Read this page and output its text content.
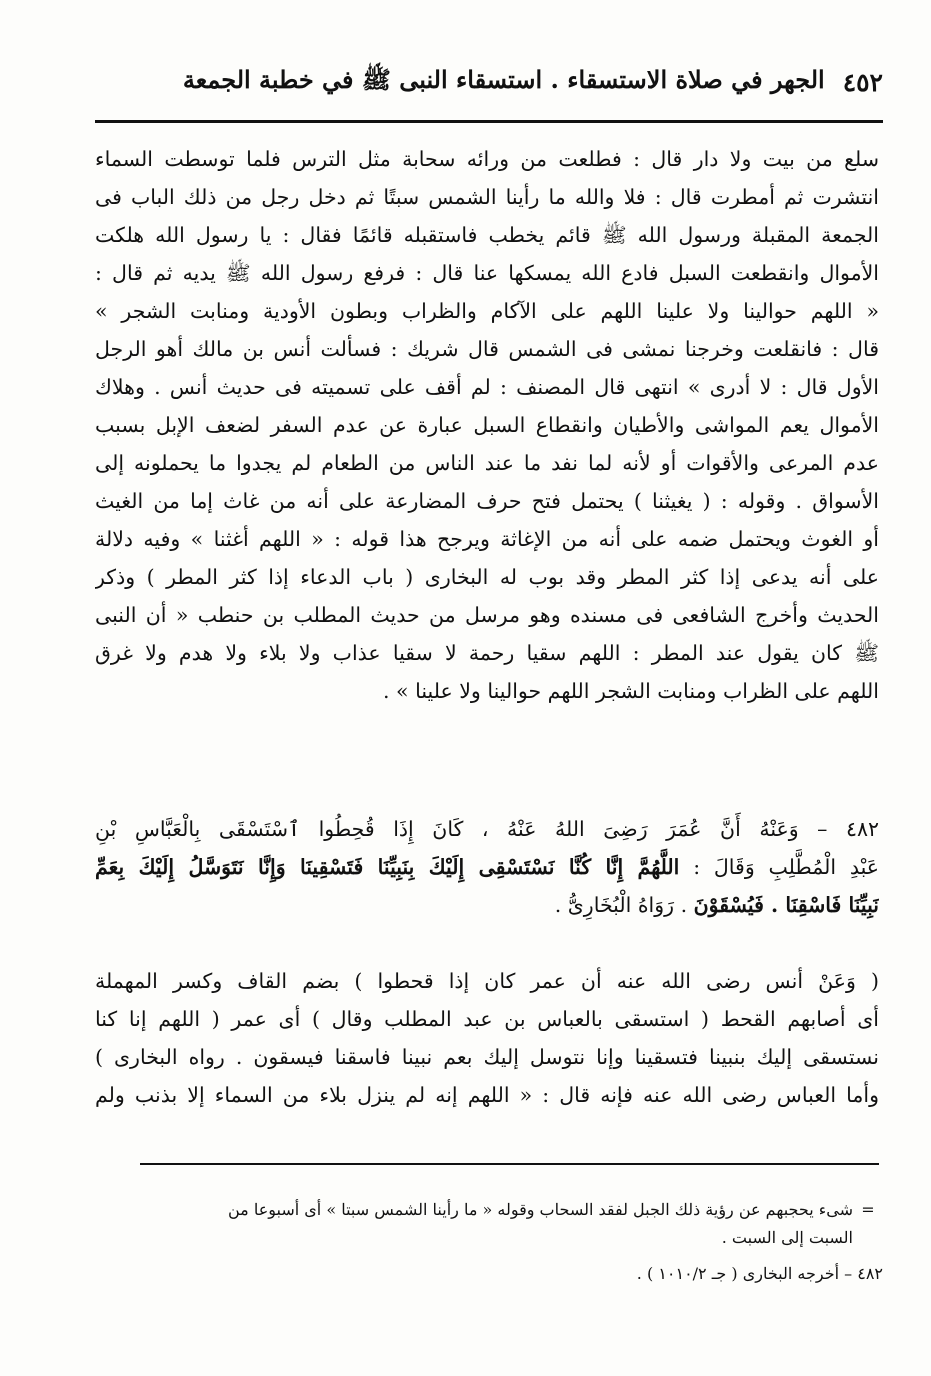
٤٥٢
الجهر في صلاة الاستسقاء . استسقاء النبى ﷺ في خطبة الجمعة
سلع من بيت ولا دار قال : فطلعت من ورائه سحابة مثل الترس فلما توسطت السماء
انتشرت ثم أمطرت قال : فلا والله ما رأينا الشمس سبتًا ثم دخل رجل من ذلك الباب فى
الجمعة المقبلة ورسول الله ﷺ قائم يخطب فاستقبله قائمًا فقال : يا رسول الله هلكت
الأموال وانقطعت السبل فادع الله يمسكها عنا قال : فرفع رسول الله ﷺ يديه ثم قال :
« اللهم حوالينا ولا علينا اللهم على الآكام والظراب وبطون الأودية ومنابت الشجر »
قال : فانقلعت وخرجنا نمشى فى الشمس قال شريك : فسألت أنس بن مالك أهو الرجل
الأول قال : لا أدرى » انتهى قال المصنف : لم أقف على تسميته فى حديث أنس . وهلاك
الأموال يعم المواشى والأطيان وانقطاع السبل عبارة عن عدم السفر لضعف الإبل بسبب
عدم المرعى والأقوات أو لأنه لما نفد ما عند الناس من الطعام لم يجدوا ما يحملونه إلى
الأسواق . وقوله : ( يغيثنا ) يحتمل فتح حرف المضارعة على أنه من غاث إما من الغيث
أو الغوث ويحتمل ضمه على أنه من الإغاثة ويرجح هذا قوله : « اللهم أغثنا » وفيه دلالة
على أنه يدعى إذا كثر المطر وقد بوب له البخارى ( باب الدعاء إذا كثر المطر ) وذكر
الحديث وأخرج الشافعى فى مسنده وهو مرسل من حديث المطلب بن حنطب « أن النبى
ﷺ كان يقول عند المطر : اللهم سقيا رحمة لا سقيا عذاب ولا بلاء ولا هدم ولا غرق
اللهم على الظراب ومنابت الشجر اللهم حوالينا ولا علينا » .
٤٨٢ – وَعَنْهُ أَنَّ عُمَرَ رَضِىَ اللهُ عَنْهُ ، كَانَ إِذَا قُحِطُوا ٱسْتَسْقَى بِالْعَبَّاسِ بْنِ
عَبْدِ الْمُطَّلِبِ وَقَالَ : اللَّهُمَّ إِنَّا كُنَّا نَسْتَسْقِى إِلَيْكَ بِنَبِيِّنَا فَتَسْقِينَا وَإِنَّا نَتَوَسَّلُ إِلَيْكَ بِعَمِّ
نَبِيِّنَا فَاسْقِنَا . فَيُسْقَوْنَ . رَوَاهُ الْبُخَارِىُّ .
( وَعَنْ أنس رضى الله عنه أن عمر كان إذا قحطوا ) بضم القاف وكسر المهملة
أى أصابهم القحط ( استسقى بالعباس بن عبد المطلب وقال ) أى عمر ( اللهم إنا كنا
نستسقى إليك بنبينا فتسقينا وإنا نتوسل إليك بعم نبينا فاسقنا فيسقون . رواه البخارى )
وأما العباس رضى الله عنه فإنه قال : « اللهم إنه لم ينزل بلاء من السماء إلا بذنب ولم
=
شىء يحجبهم عن رؤية ذلك الجبل لفقد السحاب وقوله « ما رأينا الشمس سبتا » أى أسبوعا من
السبت إلى السبت .
٤٨٢ – أخرجه البخارى ( جـ ١٠١٠/٢ ) .
